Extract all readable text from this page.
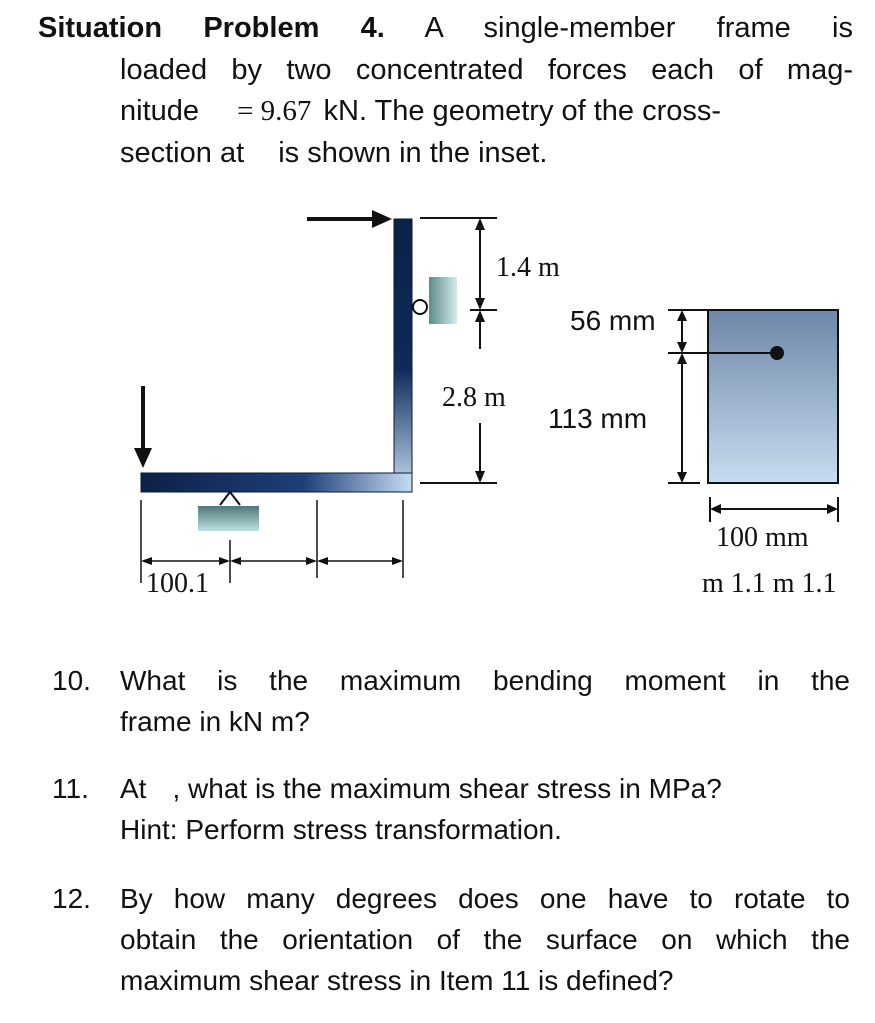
Situation Problem 4. A single-member frame is
loaded by two concentrated forces each of mag-
nitude = 9.67 kN. The geometry of the cross-
section at is shown in the inset.
1.4 m
2.8 m
56 mm
113 mm
100 mm
100.1	m 1.1 m 1.1
10. What is the maximum bending moment in the
frame in kN m?
11. At , what is the maximum shear stress in MPa?
Hint: Perform stress transformation.
12. By how many degrees does one have to rotate to
obtain the orientation of the surface on which the
maximum shear stress in Item 11 is defined?
